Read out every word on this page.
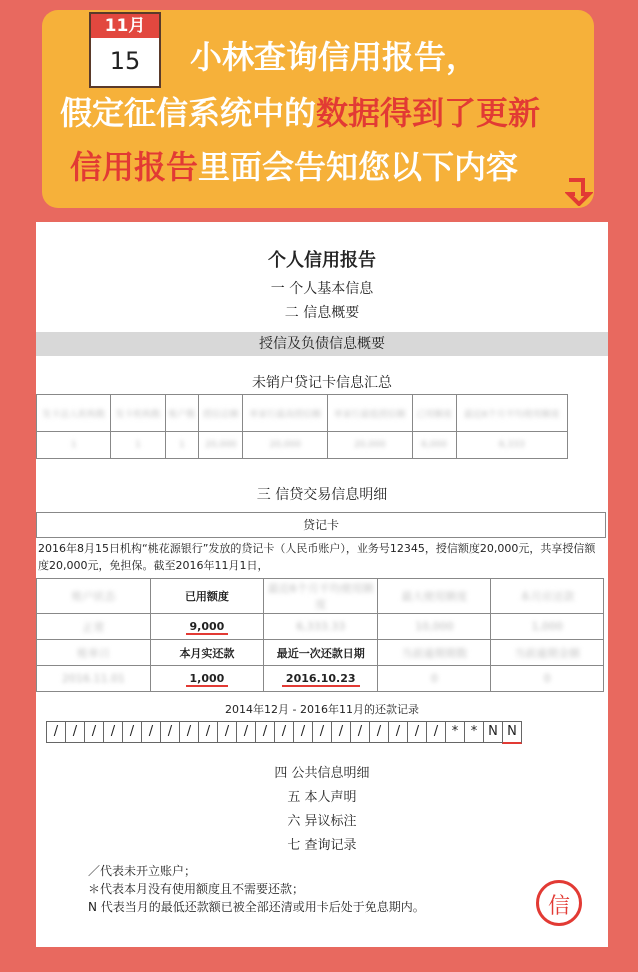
11月
15	小林查询信用报告，
假定征信系统中的数据得到了更新
信用报告里面会告知您以下内容
个人信用报告
一 个人基本信息
二 信息概要
授信及负债信息概要
未销户贷记卡信息汇总
发卡法人机构数	发卡机构数	账户数	授信总额	单家行最高授信额	单家行最低授信额	已用额度	最近6个月平均使用额度
1	1	1	20,000	20,000	20,000	6,000	6,333
三 信贷交易信息明细
贷记卡
2016年8月15日机构“桃花源银行”发放的贷记卡（人民币账户），业务号12345，授信额度20,000元，共享授信额度20,000元，免担保。截至2016年11月1日，
账户状态	已用额度	最近6个月平均使用额度	最大使用额度	本月应还款
正常	9,000	6,333.33	10,000	1,000
账单日	本月实还款	最近一次还款日期	当前逾期期数	当前逾期金额
2016.11.01	1,000	2016.10.23	0	0
2014年12月 - 2016年11月的还款记录
/	/	/	/	/	/	/	/	/	/	/	/	/	/	/	/	/	/	/	/	/	* * N N
四 公共信息明细
五 本人声明
六 异议标注
七 查询记录
／代表未开立账户；
＊代表本月没有使用额度且不需要还款；
N 代表当月的最低还款额已被全部还清或用卡后处于免息期内。	信
